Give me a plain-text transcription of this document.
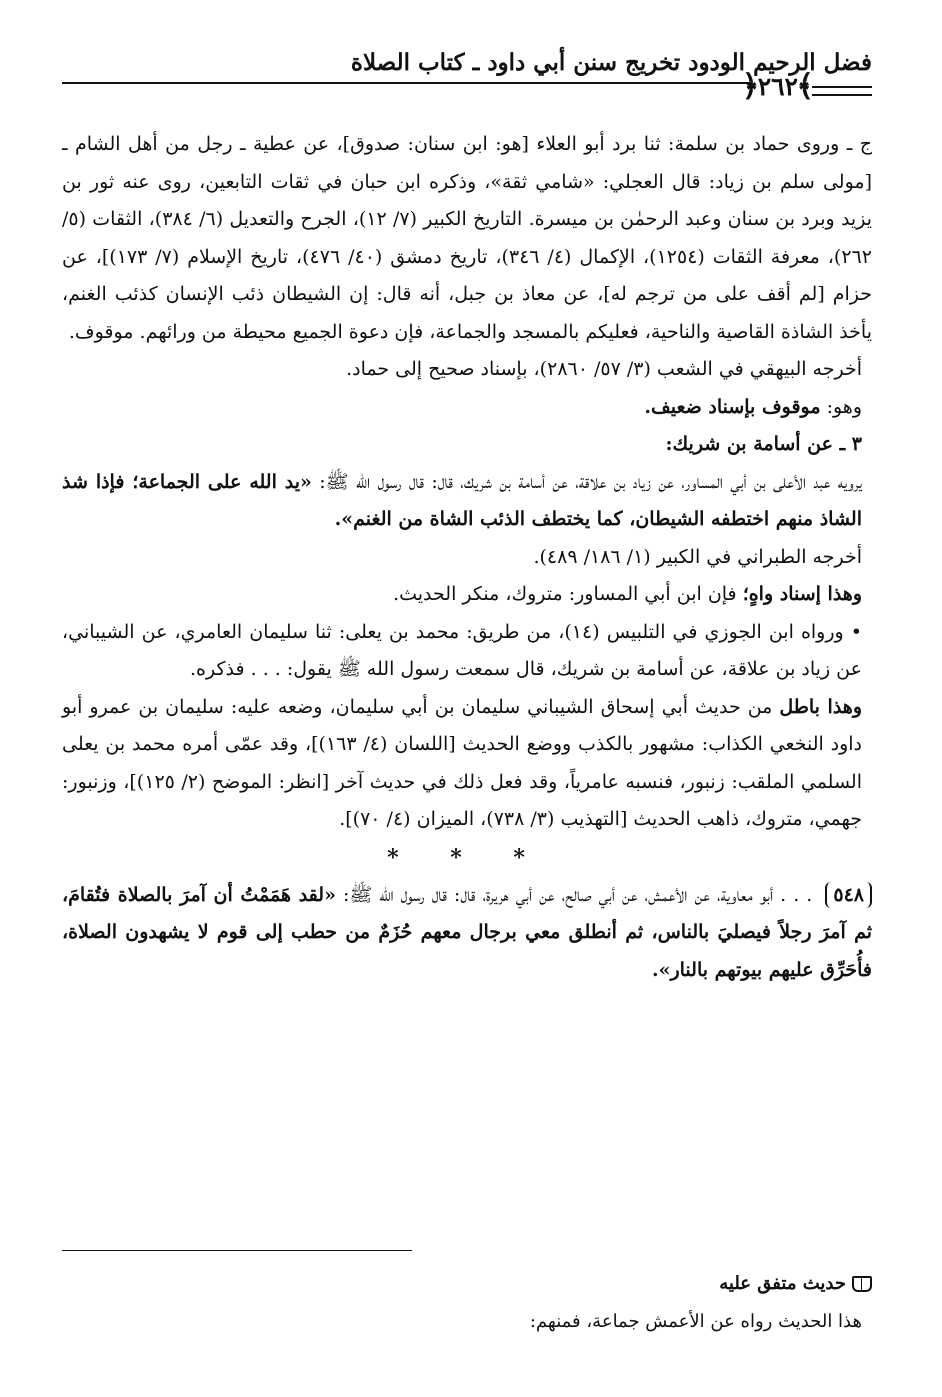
فضل الرحيم الودود تخريج سنن أبي داود ـ كتاب الصلاة
﴾
٢٦٢
﴿

ج ـ وروى حماد بن سلمة: ثنا برد أبو العلاء [هو: ابن سنان: صدوق]، عن عطية ـ رجل من أهل الشام ـ [مولى سلم بن زياد: قال العجلي: «شامي ثقة»، وذكره ابن حبان في ثقات التابعين، روى عنه ثور بن يزيد وبرد بن سنان وعبد الرحمٰن بن ميسرة. التاريخ الكبير (٧/ ١٢)، الجرح والتعديل (٦/ ٣٨٤)، الثقات (٥/ ٢٦٢)، معرفة الثقات (١٢٥٤)، الإكمال (٤/ ٣٤٦)، تاريخ دمشق (٤٠/ ٤٧٦)، تاريخ الإسلام (٧/ ١٧٣)]، عن حزام [لم أقف على من ترجم له]، عن معاذ بن جبل، أنه قال: إن الشيطان ذئب الإنسان كذئب الغنم، يأخذ الشاذة القاصية والناحية، فعليكم بالمسجد والجماعة، فإن دعوة الجميع محيطة من ورائهم. موقوف.

أخرجه البيهقي في الشعب (٣/ ٥٧/ ٢٨٦٠)، بإسناد صحيح إلى حماد.

وهو: موقوف بإسناد ضعيف.

٣ ـ عن أسامة بن شريك:

يرويه عبد الأعلى بن أبي المساور، عن زياد بن علاقة، عن أسامة بن شريك، قال: قال رسول الله ﷺ: «يد الله على الجماعة؛ فإذا شذ الشاذ منهم اختطفه الشيطان، كما يختطف الذئب الشاة من الغنم».

أخرجه الطبراني في الكبير (١/ ١٨٦/ ٤٨٩).

وهذا إسناد واهٍ؛ فإن ابن أبي المساور: متروك، منكر الحديث.

• ورواه ابن الجوزي في التلبيس (١٤)، من طريق: محمد بن يعلى: ثنا سليمان العامري، عن الشيباني، عن زياد بن علاقة، عن أسامة بن شريك، قال سمعت رسول الله ﷺ يقول: . . . فذكره.

وهذا باطل من حديث أبي إسحاق الشيباني سليمان بن أبي سليمان، وضعه عليه: سليمان بن عمرو أبو داود النخعي الكذاب: مشهور بالكذب ووضع الحديث [اللسان (٤/ ١٦٣)]، وقد عمّى أمره محمد بن يعلى السلمي الملقب: زنبور، فنسبه عامرياً، وقد فعل ذلك في حديث آخر [انظر: الموضح (٢/ ١٢٥)]، وزنبور: جهمي، متروك، ذاهب الحديث [التهذيب (٣/ ٧٣٨)، الميزان (٤/ ٧٠)].

* * *

٥٤٨ . . . أبو معاوية، عن الأعمش، عن أبي صالح، عن أبي هريرة، قال: قال رسول الله ﷺ: «لقد هَمَمْتُ أن آمرَ بالصلاة فتُقامَ، ثم آمرَ رجلاً فيصليَ بالناس، ثم أنطلق معي برجال معهم حُزَمٌ من حطب إلى قوم لا يشهدون الصلاة، فأُحَرِّق عليهم بيوتهم بالنار».

حديث متفق عليه

هذا الحديث رواه عن الأعمش جماعة، فمنهم:
